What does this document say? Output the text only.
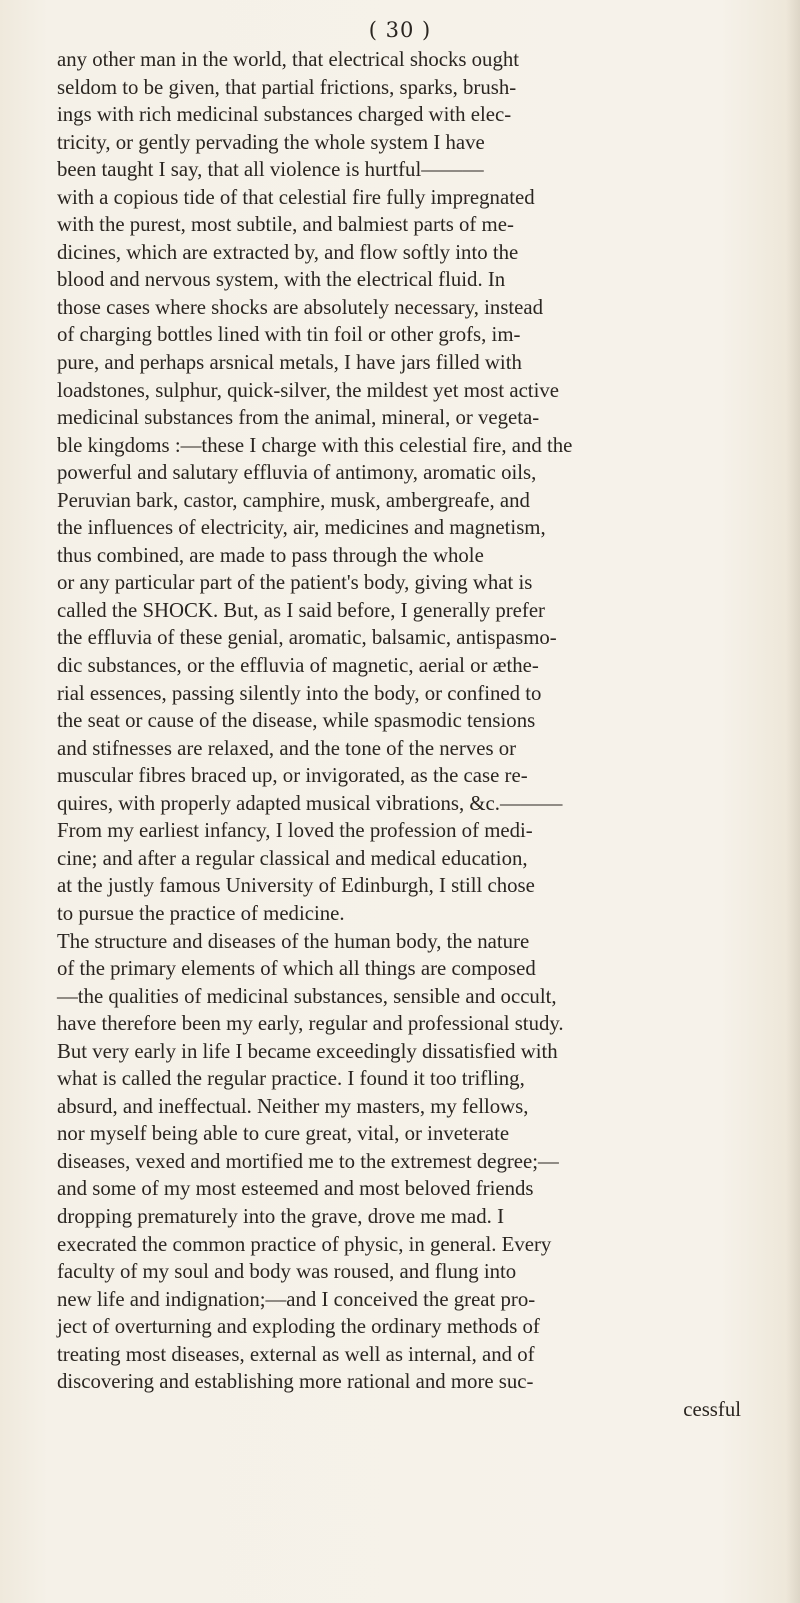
( 30 )
any other man in the world, that electrical shocks ought
seldom to be given, that partial frictions, sparks, brush-
ings with rich medicinal substances charged with elec-
tricity, or gently pervading the whole system I have
been taught I say, that all violence is hurtful———
with a copious tide of that celestial fire fully impregnated
with the purest, most subtile, and balmiest parts of me-
dicines, which are extracted by, and flow softly into the
blood and nervous system, with the electrical fluid. In
those cases where shocks are absolutely necessary, instead
of charging bottles lined with tin foil or other grofs, im-
pure, and perhaps arsnical metals, I have jars filled with
loadstones, sulphur, quick-silver, the mildest yet most active
medicinal substances from the animal, mineral, or vegeta-
ble kingdoms :—these I charge with this celestial fire, and the
powerful and salutary effluvia of antimony, aromatic oils,
Peruvian bark, castor, camphire, musk, ambergreafe, and
the influences of electricity, air, medicines and magnetism,
thus combined, are made to pass through the whole
or any particular part of the patient's body, giving what is
called the SHOCK. But, as I said before, I generally prefer
the effluvia of these genial, aromatic, balsamic, antispasmo-
dic substances, or the effluvia of magnetic, aerial or æthe-
rial essences, passing silently into the body, or confined to
the seat or cause of the disease, while spasmodic tensions
and stifnesses are relaxed, and the tone of the nerves or
muscular fibres braced up, or invigorated, as the case re-
quires, with properly adapted musical vibrations, &c.———
From my earliest infancy, I loved the profession of medi-
cine; and after a regular classical and medical education,
at the justly famous University of Edinburgh, I still chose
to pursue the practice of medicine.
The structure and diseases of the human body, the nature
of the primary elements of which all things are composed
—the qualities of medicinal substances, sensible and occult,
have therefore been my early, regular and professional study.
But very early in life I became exceedingly dissatisfied with
what is called the regular practice. I found it too trifling,
absurd, and ineffectual. Neither my masters, my fellows,
nor myself being able to cure great, vital, or inveterate
diseases, vexed and mortified me to the extremest degree;—
and some of my most esteemed and most beloved friends
dropping prematurely into the grave, drove me mad. I
execrated the common practice of physic, in general. Every
faculty of my soul and body was roused, and flung into
new life and indignation;—and I conceived the great pro-
ject of overturning and exploding the ordinary methods of
treating most diseases, external as well as internal, and of
discovering and establishing more rational and more suc-
cessful
